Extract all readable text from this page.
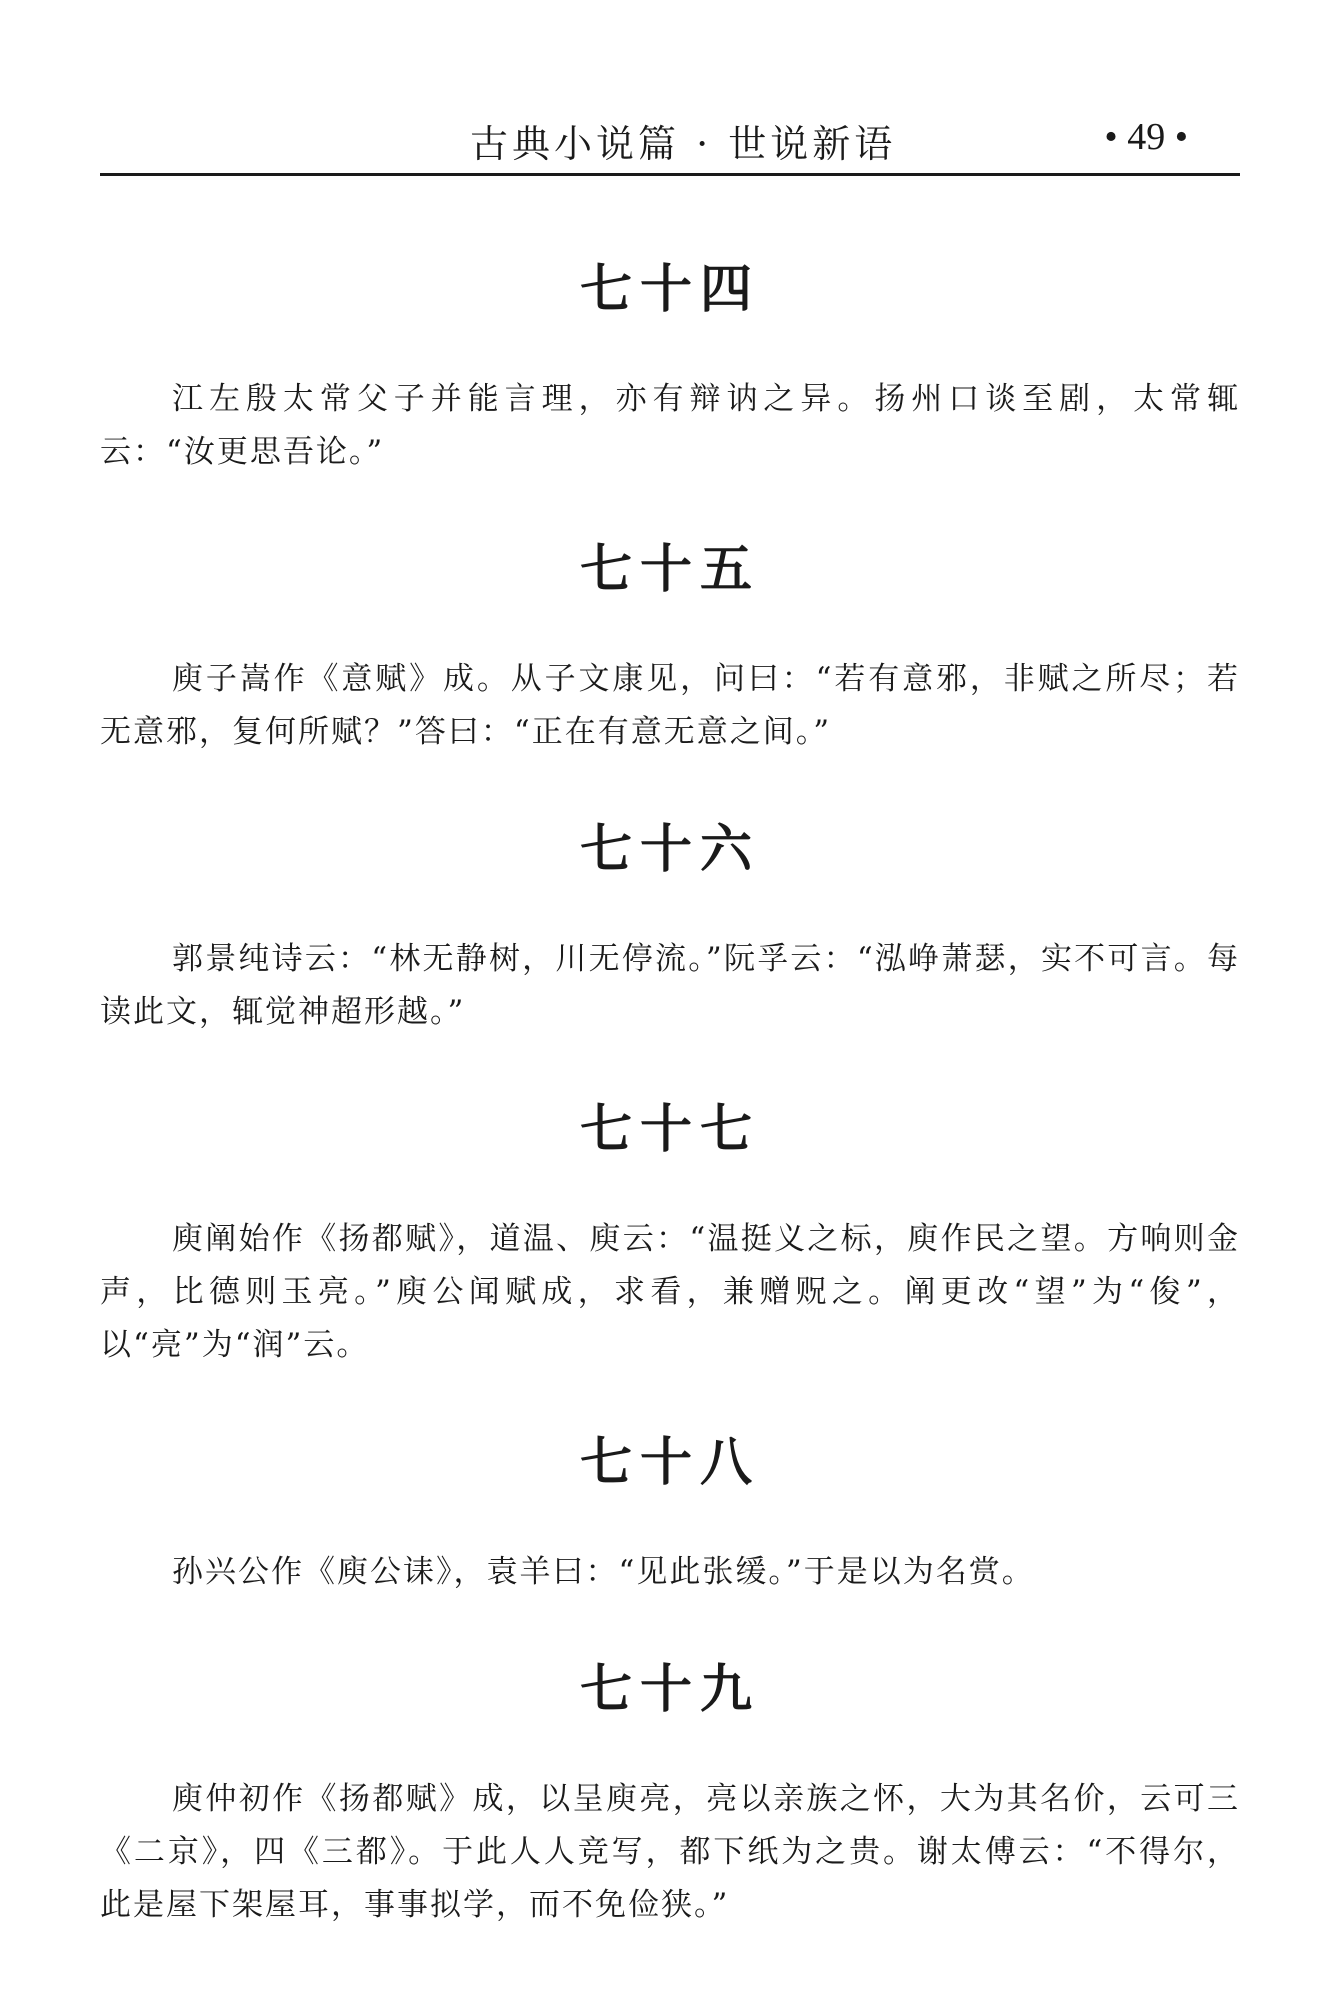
古典小说篇 · 世说新语	• 49 •
七十四

江左殷太常父子并能言理，亦有辩讷之异。扬州口谈至剧，太常辄云：“汝更思吾论。”

七十五

庾子嵩作《意赋》成。从子文康见，问曰：“若有意邪，非赋之所尽；若无意邪，复何所赋？”答曰：“正在有意无意之间。”

七十六

郭景纯诗云：“林无静树，川无停流。”阮孚云：“泓峥萧瑟，实不可言。每读此文，辄觉神超形越。”

七十七

庾阐始作《扬都赋》，道温、庾云：“温挺义之标，庾作民之望。方响则金声，比德则玉亮。”庾公闻赋成，求看，兼赠贶之。阐更改“望”为“俊”，以“亮”为“润”云。

七十八

孙兴公作《庾公诔》，袁羊曰：“见此张缓。”于是以为名赏。

七十九

庾仲初作《扬都赋》成，以呈庾亮，亮以亲族之怀，大为其名价，云可三《二京》，四《三都》。于此人人竞写，都下纸为之贵。谢太傅云：“不得尔，此是屋下架屋耳，事事拟学，而不免俭狭。”
